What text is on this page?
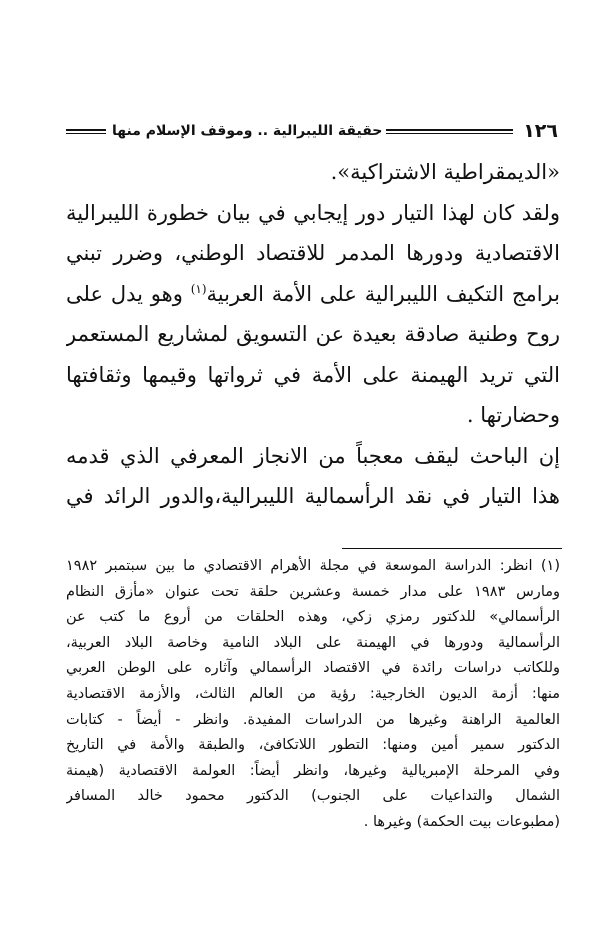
١٢٦
حقيقة الليبرالية .. وموقف الإسلام منها
«الديمقراطية الاشتراكية».
ولقد كان لهذا التيار دور إيجابي في بيان خطورة الليبرالية
الاقتصادية ودورها المدمر للاقتصاد الوطني، وضرر تبني
برامج التكيف الليبرالية على الأمة العربية$^{(١)}$ وهو يدل على
روح وطنية صادقة بعيدة عن التسويق لمشاريع المستعمر
التي تريد الهيمنة على الأمة في ثرواتها وقيمها وثقافتها
وحضارتها .
إن الباحث ليقف معجباً من الانجاز المعرفي الذي قدمه
هذا التيار في نقد الرأسمالية الليبرالية،والدور الرائد في
(١) انظر: الدراسة الموسعة في مجلة الأهرام الاقتصادي ما بين سبتمبر ١٩٨٢
ومارس ١٩٨٣ على مدار خمسة وعشرين حلقة تحت عنوان «مأزق النظام
الرأسمالي» للدكتور رمزي زكي، وهذه الحلقات من أروع ما كتب عن
الرأسمالية ودورها في الهيمنة على البلاد النامية وخاصة البلاد العربية،
وللكاتب دراسات رائدة في الاقتصاد الرأسمالي وآثاره على الوطن العربي
منها: أزمة الديون الخارجية: رؤية من العالم الثالث، والأزمة الاقتصادية
العالمية الراهنة وغيرها من الدراسات المفيدة. وانظر - أيضاً - كتابات
الدكتور سمير أمين ومنها: التطور اللاتكافئ، والطبقة والأمة في التاريخ
وفي المرحلة الإمبريالية وغيرها، وانظر أيضاً: العولمة الاقتصادية (هيمنة
الشمال والتداعيات على الجنوب) الدكتور محمود خالد المسافر
(مطبوعات بيت الحكمة) وغيرها .
